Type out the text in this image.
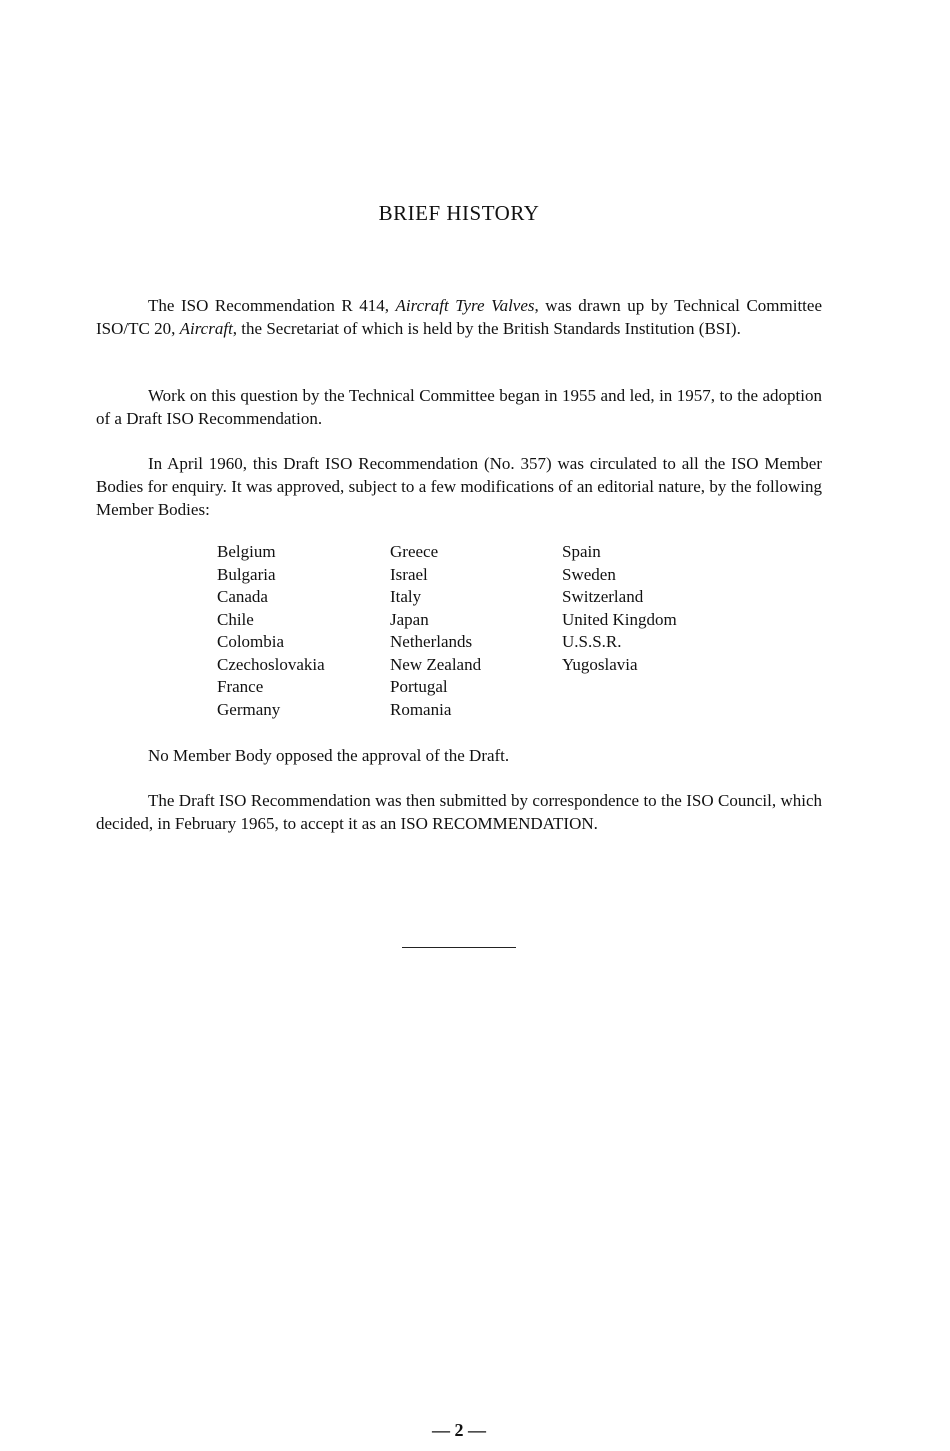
BRIEF HISTORY

The ISO Recommendation R 414, Aircraft Tyre Valves, was drawn up by Technical Committee ISO/TC 20, Aircraft, the Secretariat of which is held by the British Standards Institution (BSI).

Work on this question by the Technical Committee began in 1955 and led, in 1957, to the adoption of a Draft ISO Recommendation.

In April 1960, this Draft ISO Recommendation (No. 357) was circulated to all the ISO Member Bodies for enquiry. It was approved, subject to a few modifications of an editorial nature, by the following Member Bodies:

Belgium
Bulgaria
Canada
Chile
Colombia
Czechoslovakia
France
Germany
Greece
Israel
Italy
Japan
Netherlands
New Zealand
Portugal
Romania
Spain
Sweden
Switzerland
United Kingdom
U.S.S.R.
Yugoslavia

No Member Body opposed the approval of the Draft.

The Draft ISO Recommendation was then submitted by correspondence to the ISO Council, which decided, in February 1965, to accept it as an ISO RECOMMENDATION.

— 2 —
